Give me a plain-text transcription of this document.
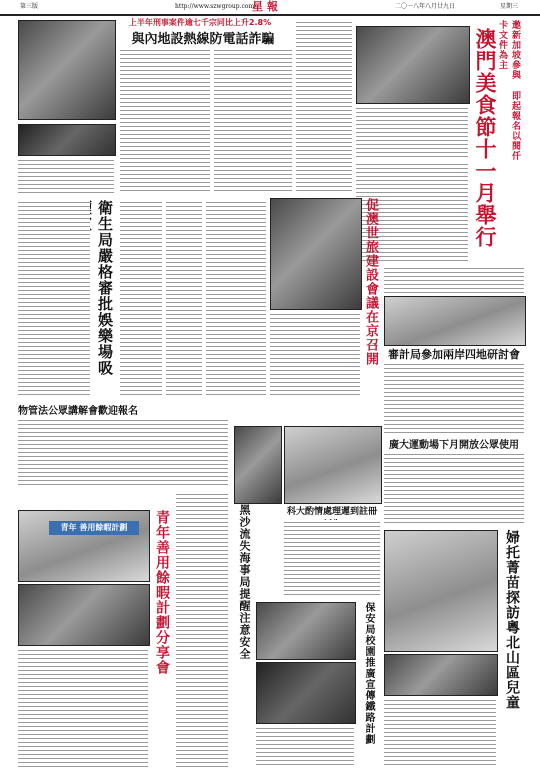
第三版	http://www.szwgroup.com
星 報	二〇一八年八月廿九日	星期三
上半年刑事案件逾七千宗同比上升2.8%
與內地設熱線防電話詐騙	邀新加坡參與 即起報名以閱仟卡文件為主
澳門美食節十一月舉行
衛生局嚴格審批娛樂場吸
促澳世旅建設會議在京召開 審計局參加兩岸四地研討會
廣大運動場下月開放公眾使用
物管法公眾講解會歡迎報名
青年 善用餘暇計劃	青年善用餘暇計劃分享會	黑沙流失海事局提醒注意安全	科大酌情處理遲到註冊
保安局校園推廣宣傳鐵路計劃	婦托菁苗探訪粵北山區兒童
